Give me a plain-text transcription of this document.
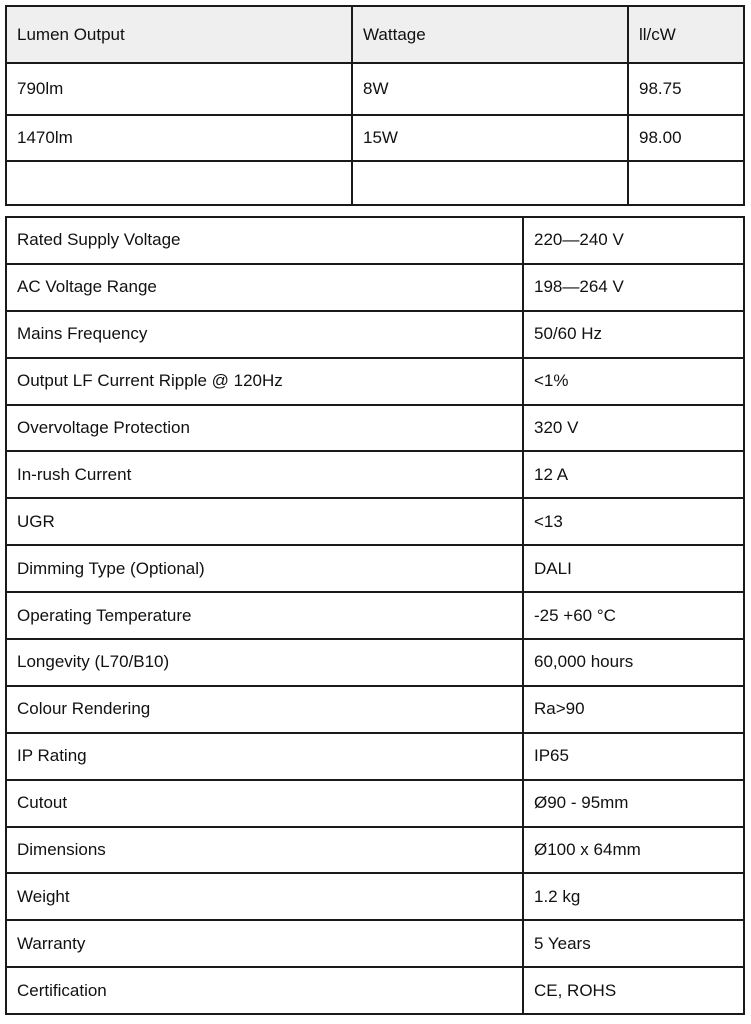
Lumen Output	Wattage	ll/cW
790lm	8W	98.75
1470lm	15W	98.00

Rated Supply Voltage	220—240 V
AC Voltage Range	198—264 V
Mains Frequency	50/60 Hz
Output LF Current Ripple @ 120Hz	<1%
Overvoltage Protection	320 V
In-rush Current	12 A
UGR	<13
Dimming Type (Optional)	DALI
Operating Temperature	-25 +60 °C
Longevity (L70/B10)	60,000 hours
Colour Rendering	Ra>90
IP Rating	IP65
Cutout	Ø90 - 95mm
Dimensions	Ø100 x 64mm
Weight	1.2 kg
Warranty	5 Years
Certification	CE, ROHS
